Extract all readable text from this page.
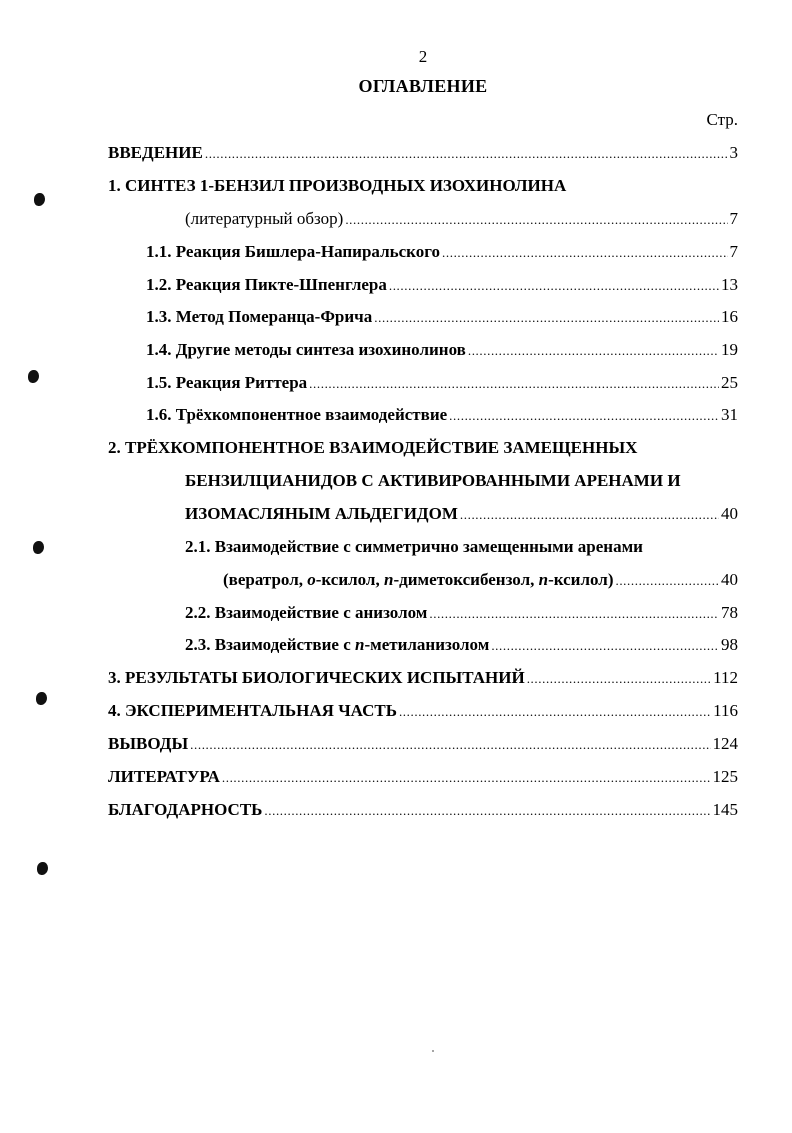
2
ОГЛАВЛЕНИЕ
Стр.
ВВЕДЕНИЕ .....	3
1. СИНТЕЗ 1-БЕНЗИЛ ПРОИЗВОДНЫХ ИЗОХИНОЛИНА
(литературный обзор) .....	7
1.1. Реакция Бишлера-Напиральского .....	7
1.2. Реакция Пикте-Шпенглера .....	13
1.3. Метод Померанца-Фрича .....	16
1.4. Другие методы синтеза изохинолинов .....	19
1.5. Реакция Риттера .....	25
1.6. Трёхкомпонентное взаимодействие .....	31
2. ТРЁХКОМПОНЕНТНОЕ ВЗАИМОДЕЙСТВИЕ ЗАМЕЩЕННЫХ
БЕНЗИЛЦИАНИДОВ С АКТИВИРОВАННЫМИ АРЕНАМИ И
ИЗОМАСЛЯНЫМ АЛЬДЕГИДОМ .....	40
2.1. Взаимодействие с симметрично замещенными аренами
(вератрол, о-ксилол, п-диметоксибензол, п-ксилол) .....	40
2.2. Взаимодействие с анизолом .....	78
2.3. Взаимодействие с п-метиланизолом .....	98
3. РЕЗУЛЬТАТЫ БИОЛОГИЧЕСКИХ ИСПЫТАНИЙ .....	112
4. ЭКСПЕРИМЕНТАЛЬНАЯ ЧАСТЬ .....	116
ВЫВОДЫ .....	124
ЛИТЕРАТУРА .....	125
БЛАГОДАРНОСТЬ .....	145
